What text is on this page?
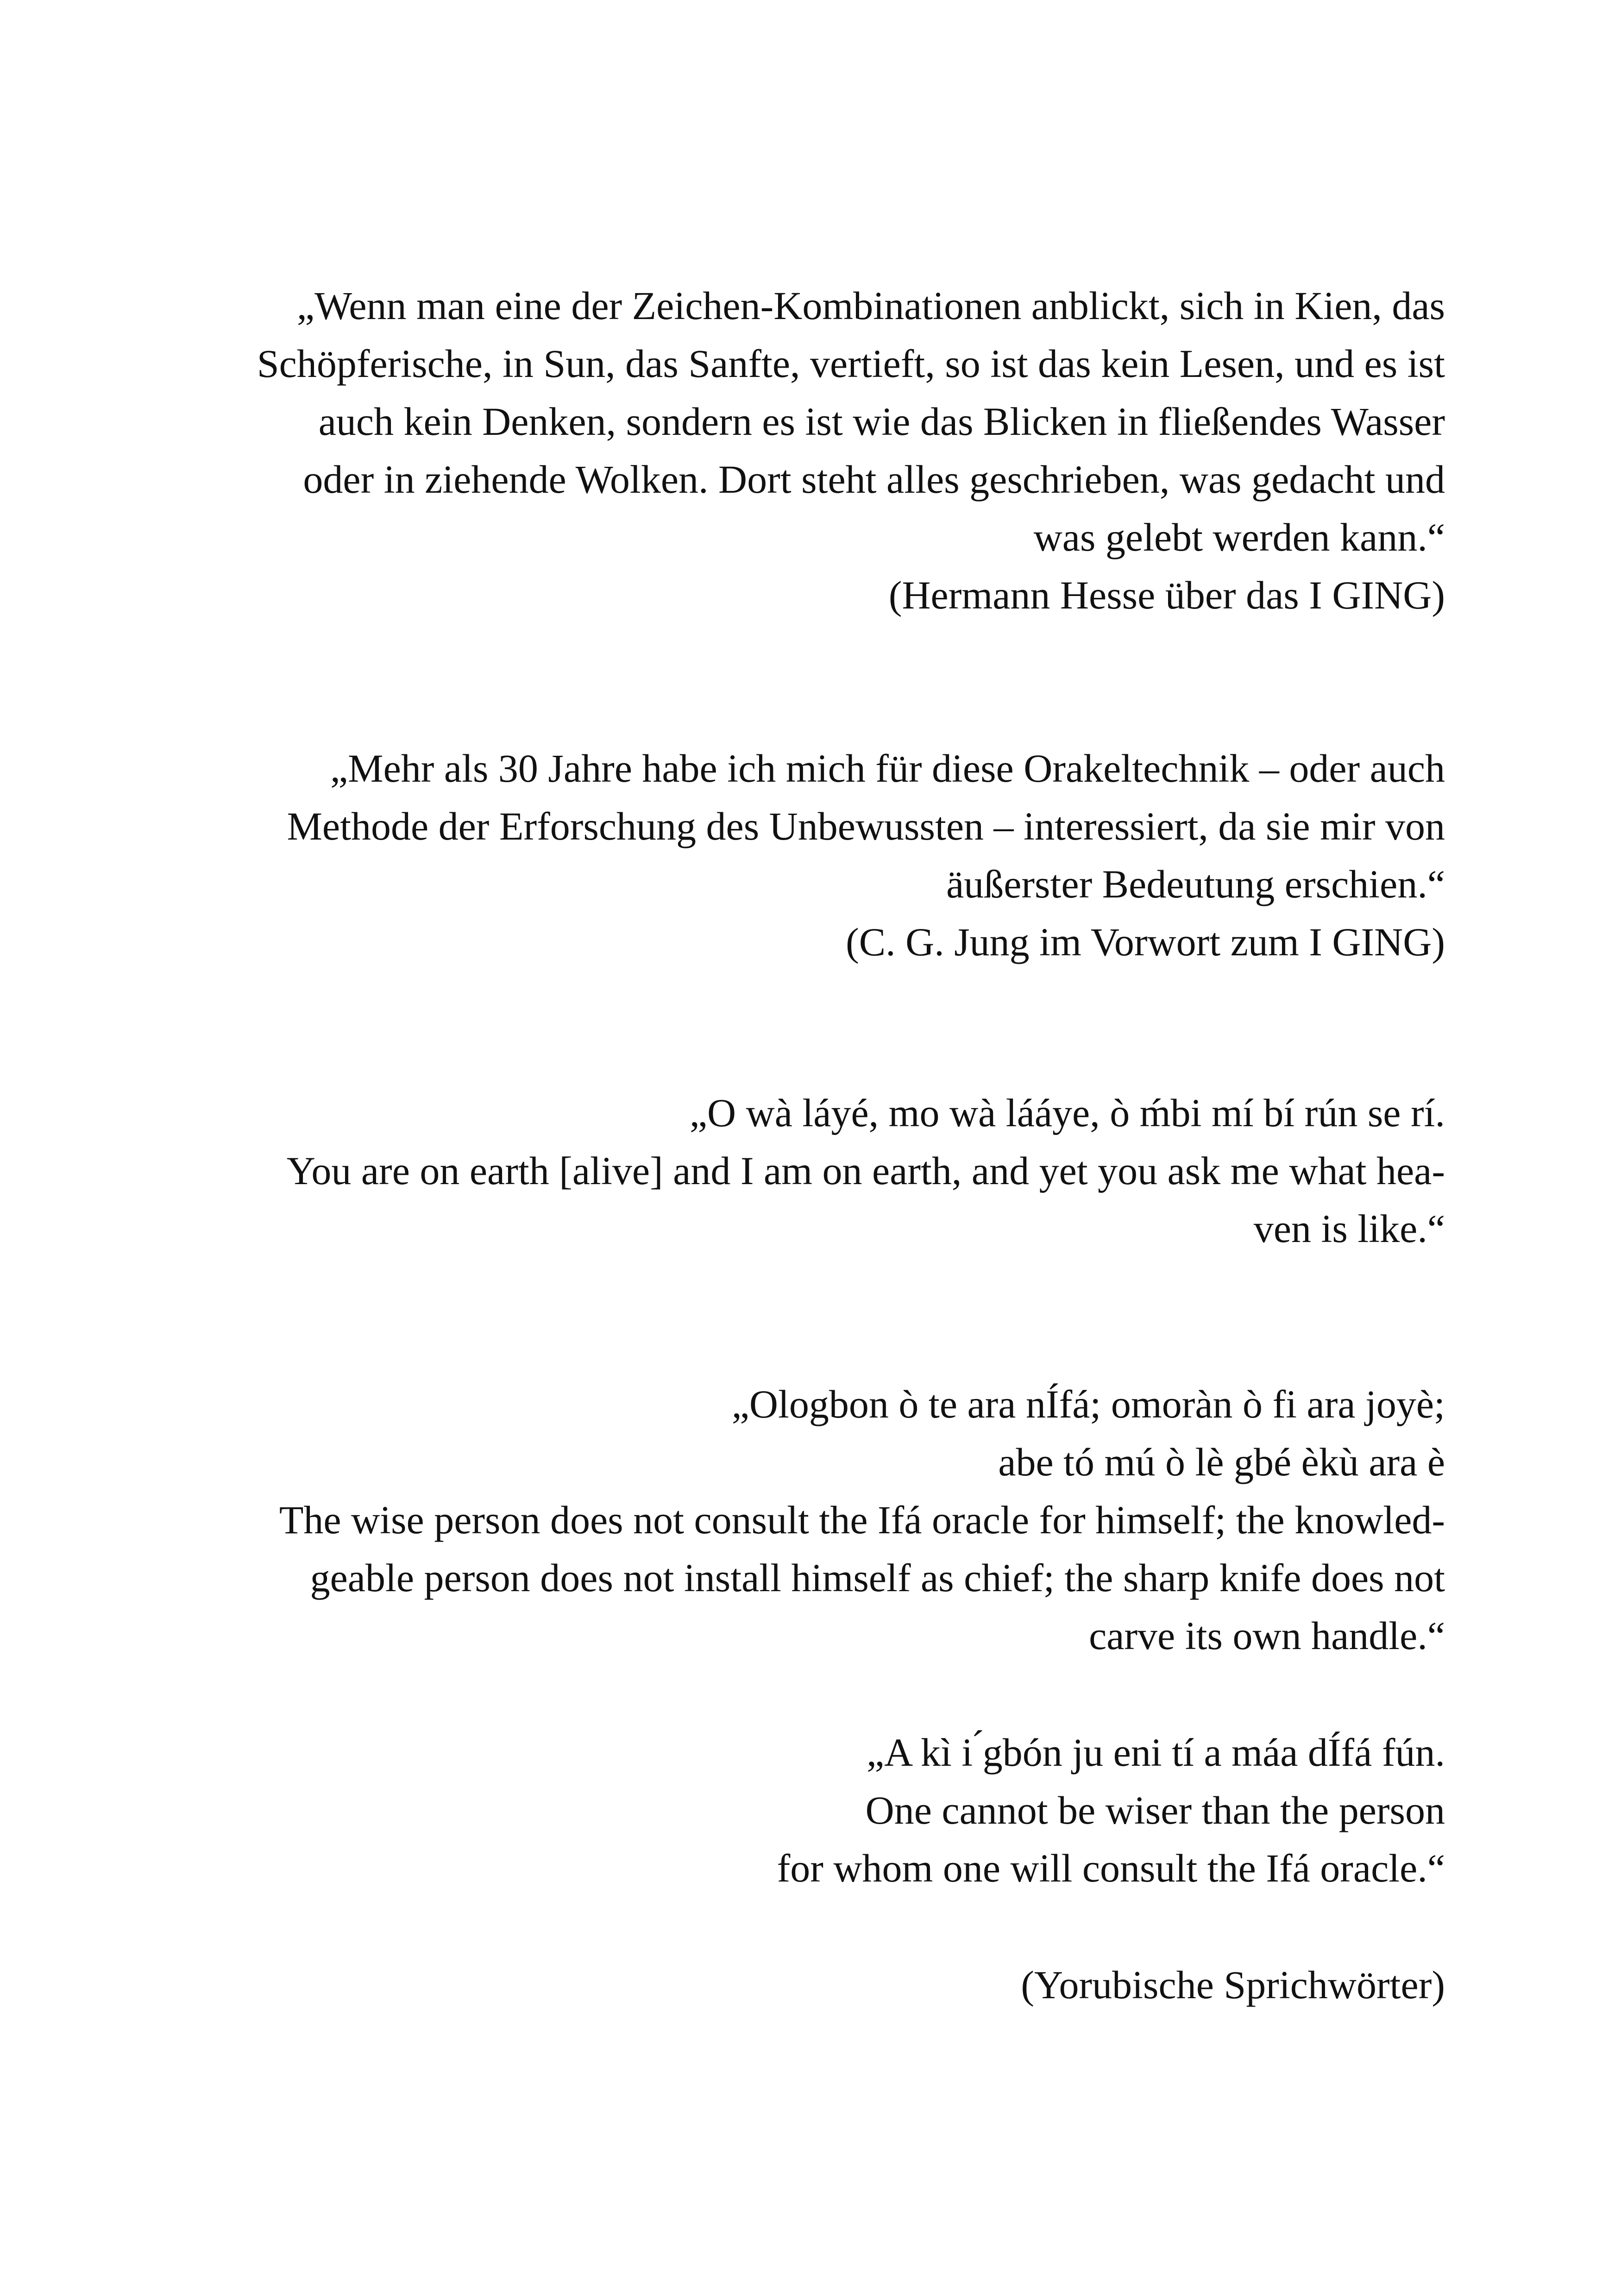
„Wenn man eine der Zeichen-Kombinationen anblickt, sich in Kien, das
Schöpferische, in Sun, das Sanfte, vertieft, so ist das kein Lesen, und es ist
auch kein Denken, sondern es ist wie das Blicken in fließendes Wasser
oder in ziehende Wolken. Dort steht alles geschrieben, was gedacht und
was gelebt werden kann.“
(Hermann Hesse über das I GING)
„Mehr als 30 Jahre habe ich mich für diese Orakeltechnik – oder auch
Methode der Erforschung des Unbewussten – interessiert, da sie mir von
äußerster Bedeutung erschien.“
(C. G. Jung im Vorwort zum I GING)
„O wà láyé, mo wà lááye, ò ḿbi mí bí rún se rí.
You are on earth [alive] and I am on earth, and yet you ask me what hea-
ven is like.“
„Ologbon ò te ara nÍfá; omoràn ò fi ara joyè;
abe tó mú ò lè gbé èkù ara è
The wise person does not consult the Ifá oracle for himself; the knowled-
geable person does not install himself as chief; the sharp knife does not
carve its own handle.“
„A kì i ́gbón ju eni tí a máa dÍfá fún.
One cannot be wiser than the person
for whom one will consult the Ifá oracle.“
(Yorubische Sprichwörter)
